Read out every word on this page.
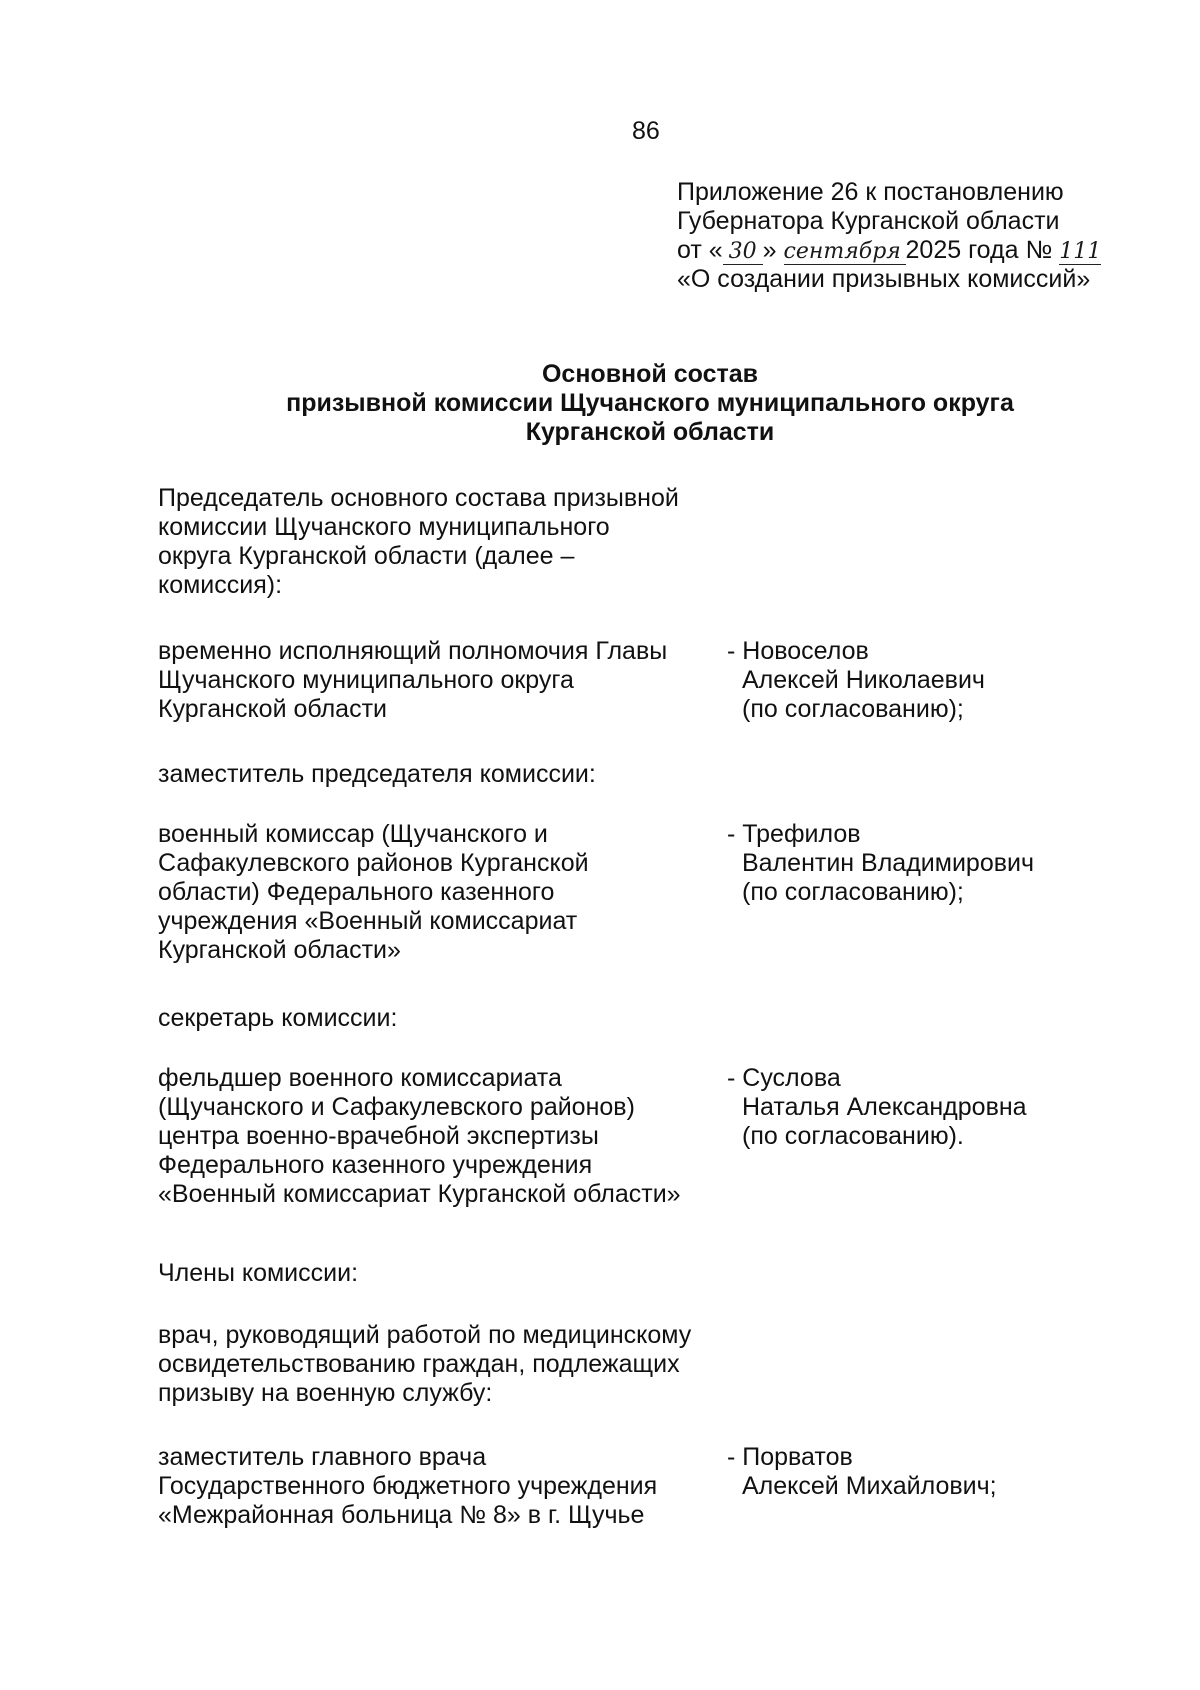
86
Приложение 26 к постановлению
Губернатора Курганской области
от « 30 » сентября 2025 года № 111
«О создании призывных комиссий»
Основной состав
призывной комиссии Щучанского муниципального округа
Курганской области
Председатель основного состава призывной
комиссии Щучанского муниципального
округа Курганской области (далее –
комиссия):
временно исполняющий полномочия Главы
Щучанского муниципального округа
Курганской области
- Новоселов
Алексей Николаевич
(по согласованию);
заместитель председателя комиссии:
военный комиссар (Щучанского и
Сафакулевского районов Курганской
области) Федерального казенного
учреждения «Военный комиссариат
Курганской области»
- Трефилов
Валентин Владимирович
(по согласованию);
секретарь комиссии:
фельдшер военного комиссариата
(Щучанского и Сафакулевского районов)
центра военно-врачебной экспертизы
Федерального казенного учреждения
«Военный комиссариат Курганской области»
- Суслова
Наталья Александровна
(по согласованию).
Члены комиссии:
врач, руководящий работой по медицинскому
освидетельствованию граждан, подлежащих
призыву на военную службу:
заместитель главного врача
Государственного бюджетного учреждения
«Межрайонная больница № 8» в г. Щучье
- Порватов
Алексей Михайлович;
